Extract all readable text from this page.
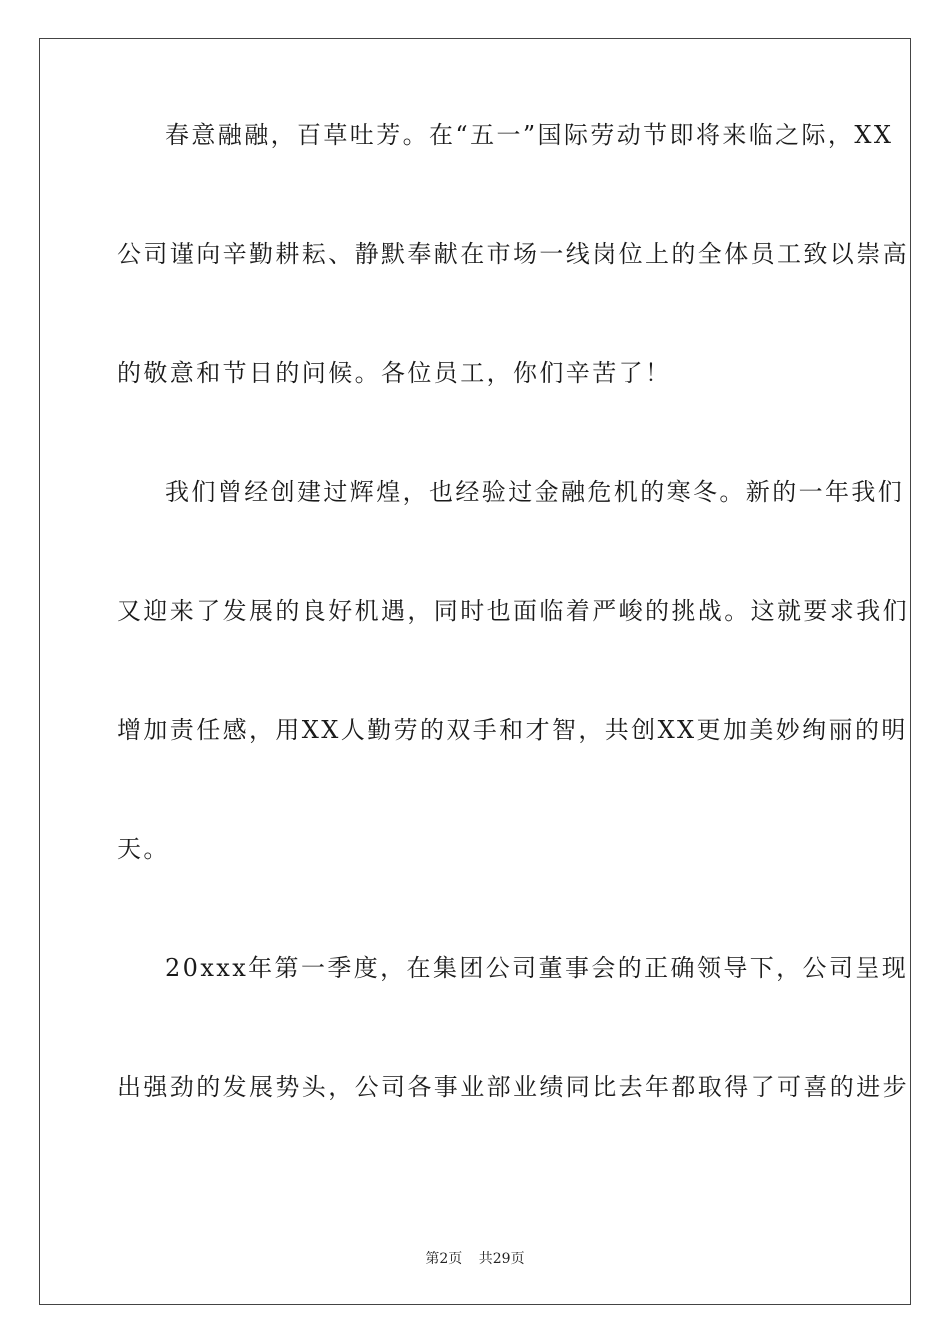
春意融融，百草吐芳。在“五一”国际劳动节即将来临之际，XX
公司谨向辛勤耕耘、静默奉献在市场一线岗位上的全体员工致以崇高
的敬意和节日的问候。各位员工，你们辛苦了！
我们曾经创建过辉煌，也经验过金融危机的寒冬。新的一年我们
又迎来了发展的良好机遇，同时也面临着严峻的挑战。这就要求我们
增加责任感，用XX人勤劳的双手和才智，共创XX更加美妙绚丽的明
天。
20xxx年第一季度，在集团公司董事会的正确领导下，公司呈现
出强劲的发展势头，公司各事业部业绩同比去年都取得了可喜的进步
第2页 共29页
